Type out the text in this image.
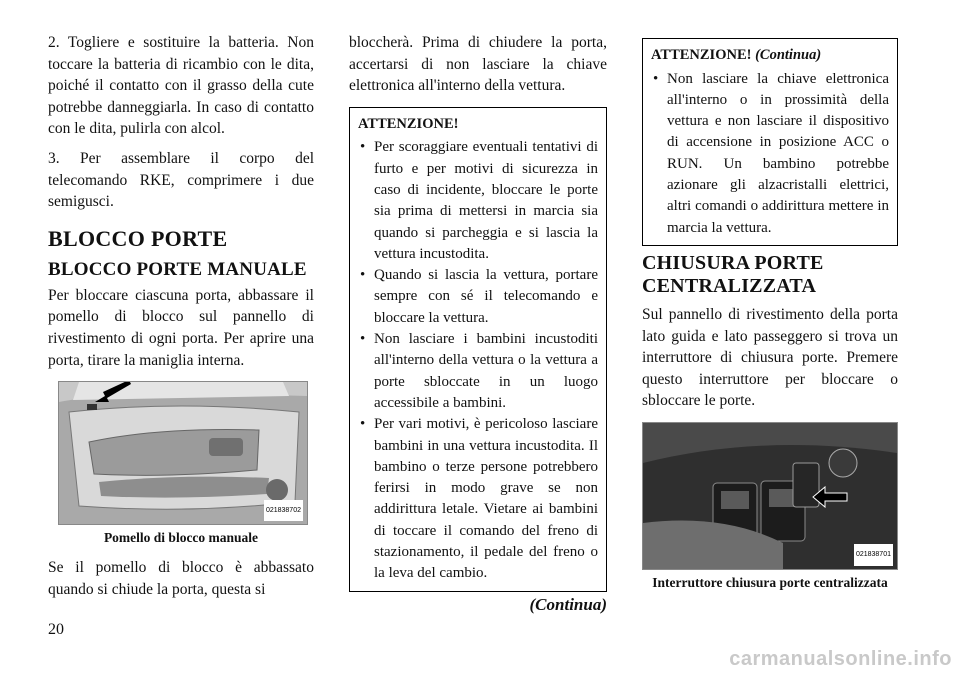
2. Togliere e sostituire la batteria. Non toccare la batteria di ricambio con le dita, poiché il contatto con il grasso della cute potrebbe danneggiarla. In caso di contatto con le dita, pulirla con alcol.

3. Per assemblare il corpo del telecomando RKE, comprimere i due semigusci.

BLOCCO PORTE
BLOCCO PORTE MANUALE

Per bloccare ciascuna porta, abbassare il pomello di blocco sul pannello di rivestimento di ogni porta. Per aprire una porta, tirare la maniglia interna.

021838702
Pomello di blocco manuale

Se il pomello di blocco è abbassato quando si chiude la porta, questa si

bloccherà. Prima di chiudere la porta, accertarsi di non lasciare la chiave elettronica all'interno della vettura.

ATTENZIONE!
• Per scoraggiare eventuali tentativi di furto e per motivi di sicurezza in caso di incidente, bloccare le porte sia prima di mettersi in marcia sia quando si parcheggia e si lascia la vettura incustodita.
• Quando si lascia la vettura, portare sempre con sé il telecomando e bloccare la vettura.
• Non lasciare i bambini incustoditi all'interno della vettura o la vettura a porte sbloccate in un luogo accessibile a bambini.
• Per vari motivi, è pericoloso lasciare bambini in una vettura incustodita. Il bambino o terze persone potrebbero ferirsi in modo grave se non addirittura letale. Vietare ai bambini di toccare il comando del freno di stazionamento, il pedale del freno o la leva del cambio.
(Continua)
ATTENZIONE! (Continua)
• Non lasciare la chiave elettronica all'interno o in prossimità della vettura e non lasciare il dispositivo di accensione in posizione ACC o RUN. Un bambino potrebbe azionare gli alzacristalli elettrici, altri comandi o addirittura mettere in marcia la vettura.
CHIUSURA PORTE CENTRALIZZATA

Sul pannello di rivestimento della porta lato guida e lato passeggero si trova un interruttore di chiusura porte. Premere questo interruttore per bloccare o sbloccare le porte.

021838701
Interruttore chiusura porte centralizzata
20
carmanualsonline.info
